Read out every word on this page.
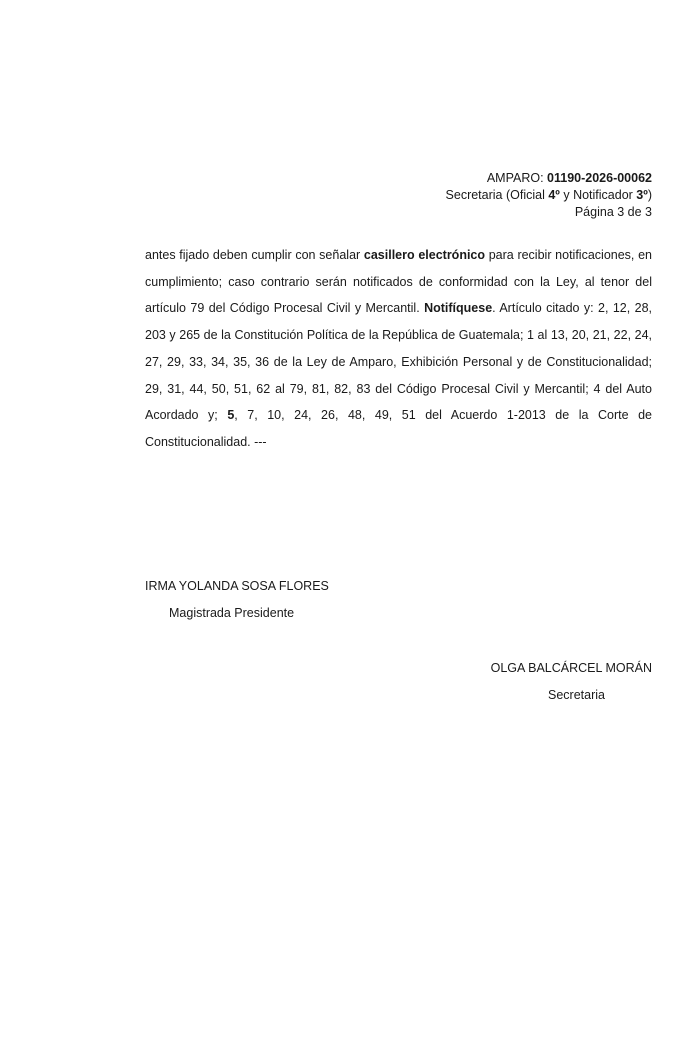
AMPARO: 01190-2026-00062
Secretaria (Oficial 4º y Notificador 3º)
Página 3 de 3
antes fijado deben cumplir con señalar casillero electrónico para recibir notificaciones, en cumplimiento; caso contrario serán notificados de conformidad con la Ley, al tenor del artículo 79 del Código Procesal Civil y Mercantil. Notifíquese. Artículo citado y: 2, 12, 28, 203 y 265 de la Constitución Política de la República de Guatemala; 1 al 13, 20, 21, 22, 24, 27, 29, 33, 34, 35, 36 de la Ley de Amparo, Exhibición Personal y de Constitucionalidad; 29, 31, 44, 50, 51, 62 al 79, 81, 82, 83 del Código Procesal Civil y Mercantil; 4 del Auto Acordado y; 5, 7, 10, 24, 26, 48, 49, 51 del Acuerdo 1-2013 de la Corte de Constitucionalidad. ---
IRMA YOLANDA SOSA FLORES
Magistrada Presidente
OLGA BALCÁRCEL MORÁN
Secretaria
